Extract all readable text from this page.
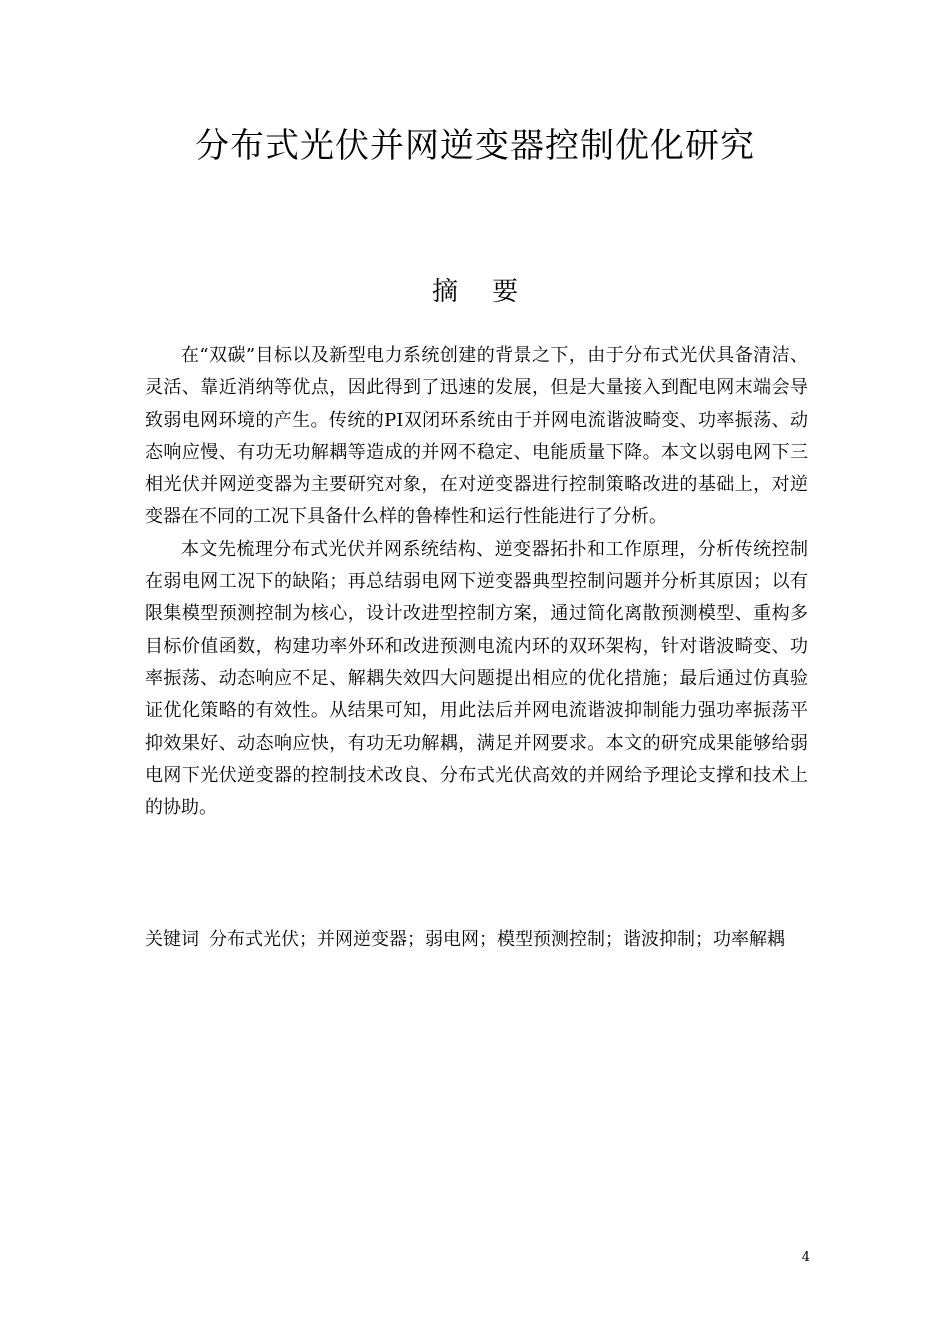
分布式光伏并网逆变器控制优化研究
摘要

在“双碳”目标以及新型电力系统创建的背景之下，由于分布式光伏具备清洁、灵活、靠近消纳等优点，因此得到了迅速的发展，但是大量接入到配电网末端会导致弱电网环境的产生。传统的PI双闭环系统由于并网电流谐波畸变、功率振荡、动态响应慢、有功无功解耦等造成的并网不稳定、电能质量下降。本文以弱电网下三相光伏并网逆变器为主要研究对象，在对逆变器进行控制策略改进的基础上，对逆变器在不同的工况下具备什么样的鲁棒性和运行性能进行了分析。

本文先梳理分布式光伏并网系统结构、逆变器拓扑和工作原理，分析传统控制在弱电网工况下的缺陷；再总结弱电网下逆变器典型控制问题并分析其原因；以有限集模型预测控制为核心，设计改进型控制方案，通过简化离散预测模型、重构多目标价值函数，构建功率外环和改进预测电流内环的双环架构，针对谐波畸变、功率振荡、动态响应不足、解耦失效四大问题提出相应的优化措施；最后通过仿真验证优化策略的有效性。从结果可知，用此法后并网电流谐波抑制能力强功率振荡平抑效果好、动态响应快，有功无功解耦，满足并网要求。本文的研究成果能够给弱电网下光伏逆变器的控制技术改良、分布式光伏高效的并网给予理论支撑和技术上的协助。

关键词 分布式光伏；并网逆变器；弱电网；模型预测控制；谐波抑制；功率解耦
4
